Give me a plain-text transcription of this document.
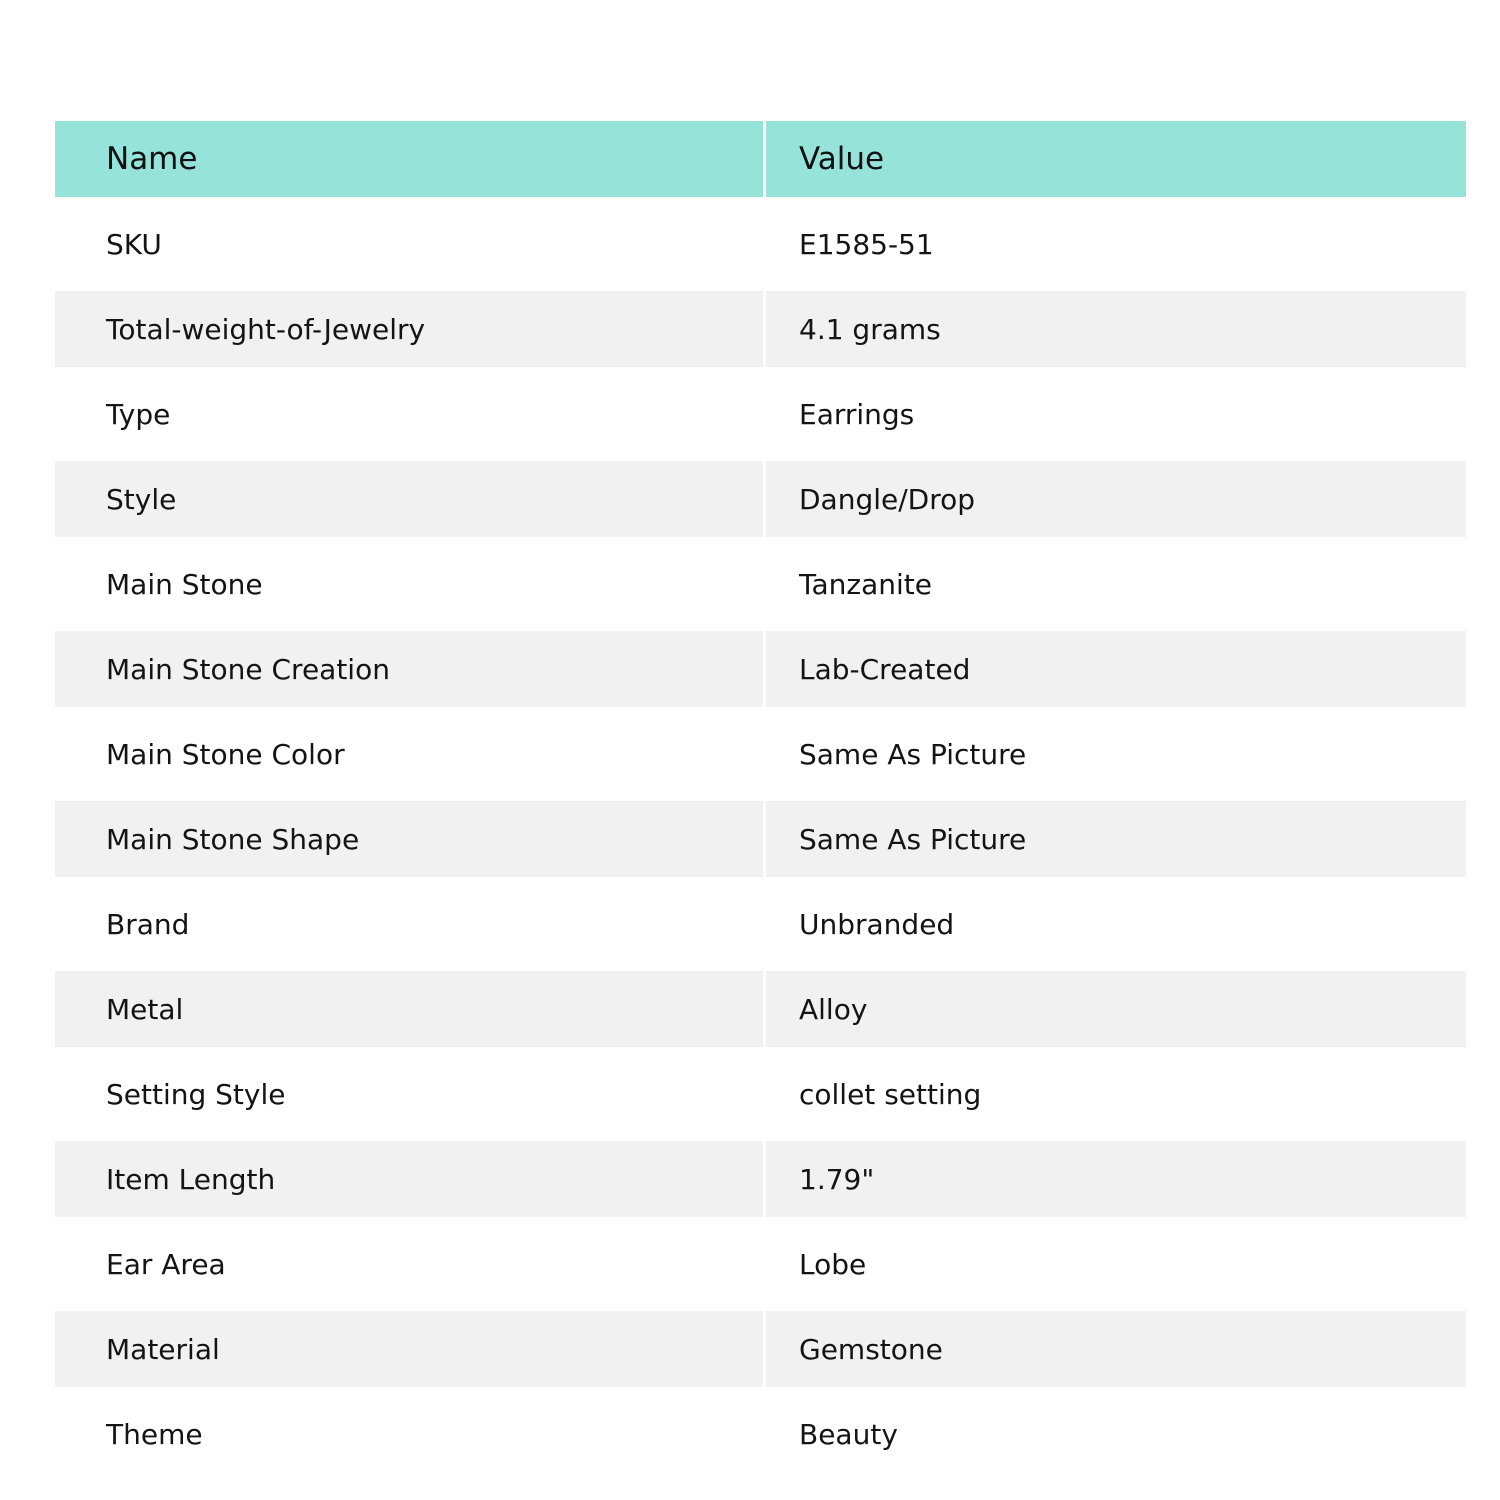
Name	Value
SKU	E1585-51
Total-weight-of-Jewelry	4.1 grams
Type	Earrings
Style	Dangle/Drop
Main Stone	Tanzanite
Main Stone Creation	Lab-Created
Main Stone Color	Same As Picture
Main Stone Shape	Same As Picture
Brand	Unbranded
Metal	Alloy
Setting Style	collet setting
Item Length	1.79"
Ear Area	Lobe
Material	Gemstone
Theme	Beauty
